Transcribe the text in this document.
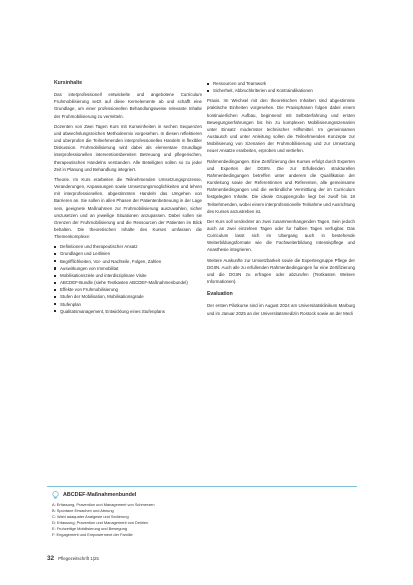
Kursinhalte

Das interprofessionell entwickelte und angebotene Curriculum Fruhmobilisierung setzt auf diese Kernelemente ab und schafft eine Grundlage, um einer professionellen Behandlungsweise relevante Inhalte der Fruhmobilisierung zu vermitteln.

Dozenten von Zwei Tagen Kurs mit Kurseinheiten in sechen Sequenzen und abwechslungsreichen Methodenmix vorgesehen. In diesen reflektieren und uberprufen die Teilnehmenden interprofessionelles Handeln in flexibler Diskussion. Fruhmobilisierung wird dabei als elementare Grundlage interprofessionellen interventionsbereiten Betreuung und pflegerischen, therapeutischen Handelns verstanden. Alle Beteiligten sollen so zu jeder Zeit in Planung und Behandlung integriert.

Theorie. Im Kurs erarbeiten die Teilnehmenden Umsetzungsprozesse, Veranderungen, Anpassungen sowie Umsetzungsmoglichkeiten und lehren mit interprofessionellen, abgestimmten Handeln das Umgehen von Barrieren an. Sie sollen in allen Phasen der Patientenbetreuung in der Lage sein, geeignete Maßnahmen zur Fruhmobilisierung auszuwahlen, sicher umzusetzen und an jeweilige Situationen anzupassen. Dabei sollen sie Grenzen der Fruhmobilisierung und die Ressourcen der Patienten im Blick behalten. Die theoretischen Inhalte des Kurses umfassen die Themenkomplexe:

Definitionen und therapeutischer Ansatz
Grundlagen und Leitlinien
Begrifflichkeiten, Vor- und Nachteile, Folgen, Zahlen
Auswirkungen von Immobilitat
Mobilisationsziele und interdisziplinare Visite
ABCDEF-Bundle (siehe Textkasten ABCDEF-Maßnahmenbundel)
Effekte von Fruhmobilisierung
Stufen der Mobilisation, Mobilisationsgrade
Stufenplan
Qualitatsmanagement, Entwicklung eines Stufenplans
Ressourcen und Teamwork
Sicherheit, Abbruchkriterien und Kontraindikationen

Praxis. Im Wechsel mit den theoretischen Inhalten sind abgestimmte praktische Einheiten vorgesehen. Die Praxisphasen folgen dabei einem kontinuierlichen Aufbau, beginnend mit Selbsterfahrung und ersten Bewegungserfahrungen bis hin zu komplexen Mobilisierungsszenarien unter Einsatz modernster technischer Hilfsmittel. Im gemeinsamen Austausch und unter Anleitung sollen die Teilnehmenden Konzepte zur Mobilisierung von Szenarien der Fruhmobilisierung und zur Umsetzung neuer Ansatze erarbeiten, erproben und vertiefen.

Rahmenbedingungen. Eine Zertifizierung des Kurses erfolgt durch Experten und Experten der DGIIN. Die zur Erfullenden strukturellen Rahmenbedingungen betreffen unter anderem die Qualifikation der Kursleitung sowie der Referentinnen und Referenten, alle gemeinsame Rahmenbedingungen und die verbindliche Vermittlung der im Curriculum festgelegten Inhalte. Die ideale Gruppengroße liegt bei zwolf bis 18 Teilnehmenden, wobei einem interprofessionelle Teilnahme und Ausrichtung des Kurses anzustreben ist.

Der Kurs soll verdeckter an zwei zusammenhangenden Tagen. Sein jedoch auch an zwei einzelnen Tagen oder fur halben Tagen verfugbar. Das Curriculum lasst sich im Ubergang auch in bestehende Weiterbildungsformate wie die Fachweiterbildung Intensivpflege und Anasthesie integrieren.

Weitere Auskunfte zur Umsetzbarkeit sowie die Expertengruppe Pflege der DGIIN. Auch alle zu erfullenden Rahmenbedingungen fur eine Zertifizierung und die DGIIN zu erfragen oder abzurufen (Textkasten Weitere Informationen).

Evaluation

Der ersten Pilotkurse sind im August 2024 am Universitatsklinikum Marburg und im Januar 2025 an der Universitatsmedizin Rostock sowie an der Medi

ABCDEF-Maßnahmenbundel
A: Erfassung, Pravention und Management von Schmerzen
B: Spontane Erwachen und Atmung
C: Wahl adaquater Analgesie und Sedierung
D: Erfassung, Pravention und Management von Delirien
E: Fruhzeitige Mobilisierung und Bewegung
F: Engagement und Empowerment der Familie
32 Pflegezeitschrift 1|25
